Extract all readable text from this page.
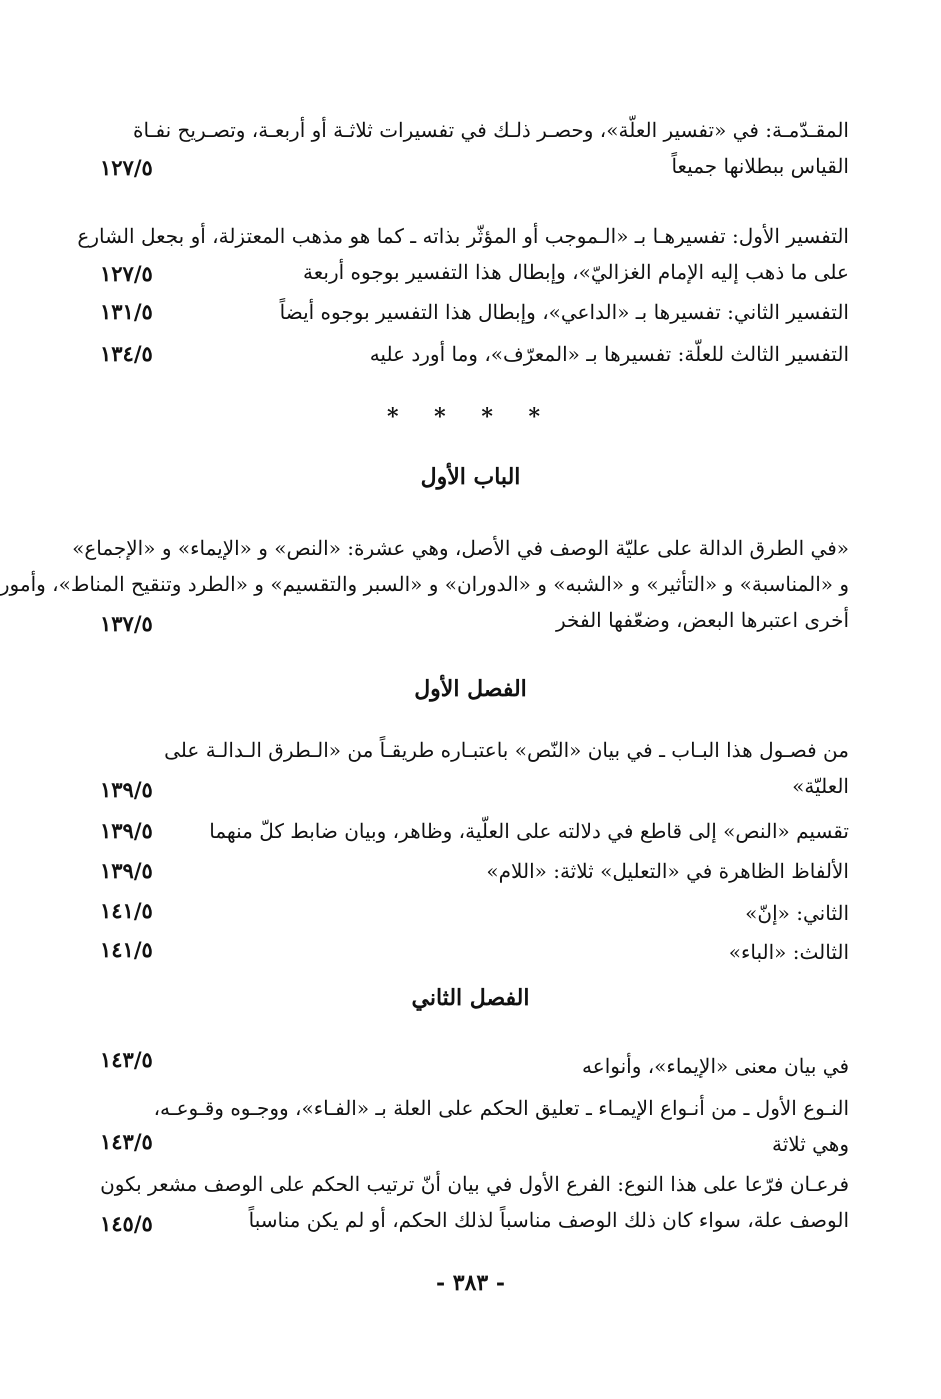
المقـدّمـة: في «تفسير العلّة»، وحصـر ذلـك في تفسيرات ثلاثـة أو أربعـة، وتصـريح نفـاة
القياس ببطلانها جميعاً
١٢٧/٥
التفسير الأول: تفسيرهـا بـ «الـموجب أو المؤثّر بذاته ـ كما هو مذهب المعتزلة، أو بجعل الشارع
على ما ذهب إليه الإمام الغزاليّ»، وإبطال هذا التفسير بوجوه أربعة
١٢٧/٥
التفسير الثاني: تفسيرها بـ «الداعي»، وإبطال هذا التفسير بوجوه أيضاً
١٣١/٥
التفسير الثالث للعلّة: تفسيرها بـ «المعرّف»، وما أورد عليه
١٣٤/٥
* * * *
الباب الأول
«في الطرق الدالة على عليّة الوصف في الأصل، وهي عشرة: «النص» و «الإيماء» و «الإجماع»
و «المناسبة» و «التأثير» و «الشبه» و «الدوران» و «السبر والتقسيم» و «الطرد وتنقيح المناط»، وأمور
أخرى اعتبرها البعض، وضعّفها الفخر
١٣٧/٥
الفصل الأول
من فصـول هذا البـاب ـ في بيان «النّص» باعتبـاره طريقـاً من «الـطرق الـدالـة على
العليّة»
١٣٩/٥
تقسيم «النص» إلى قاطع في دلالته على العلّية، وظاهر، وبيان ضابط كلّ منهما
١٣٩/٥
الألفاظ الظاهرة في «التعليل» ثلاثة: «اللام»
١٣٩/٥
الثاني: «إنّ»
١٤١/٥
الثالث: «الباء»
١٤١/٥
الفصل الثاني
في بيان معنى «الإيماء»، وأنواعه
١٤٣/٥
النـوع الأول ـ من أنـواع الإيمـاء ـ تعليق الحكم على العلة بـ «الفـاء»، ووجـوه وقـوعـه،
وهي ثلاثة
١٤٣/٥
فرعـان فرّعا على هذا النوع: الفرع الأول في بيان أنّ ترتيب الحكم على الوصف مشعر بكون
الوصف علة، سواء كان ذلك الوصف مناسباً لذلك الحكم، أو لم يكن مناسباً
١٤٥/٥
- ٣٨٣ -
